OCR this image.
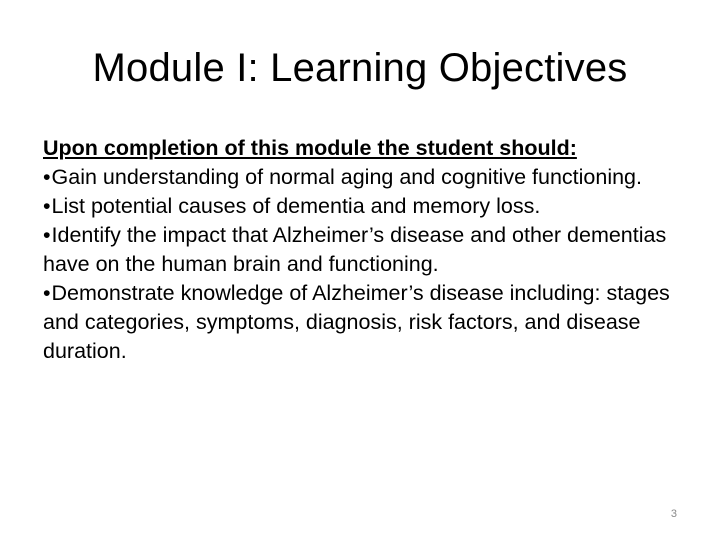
Module I: Learning Objectives
Upon completion of this module the student should:
•Gain understanding of normal aging and cognitive functioning.
•List potential causes of dementia and memory loss.
•Identify the impact that Alzheimer’s disease and other dementias have on the human brain and functioning.
•Demonstrate knowledge of Alzheimer’s disease including: stages and categories, symptoms, diagnosis, risk factors, and disease duration.
3
